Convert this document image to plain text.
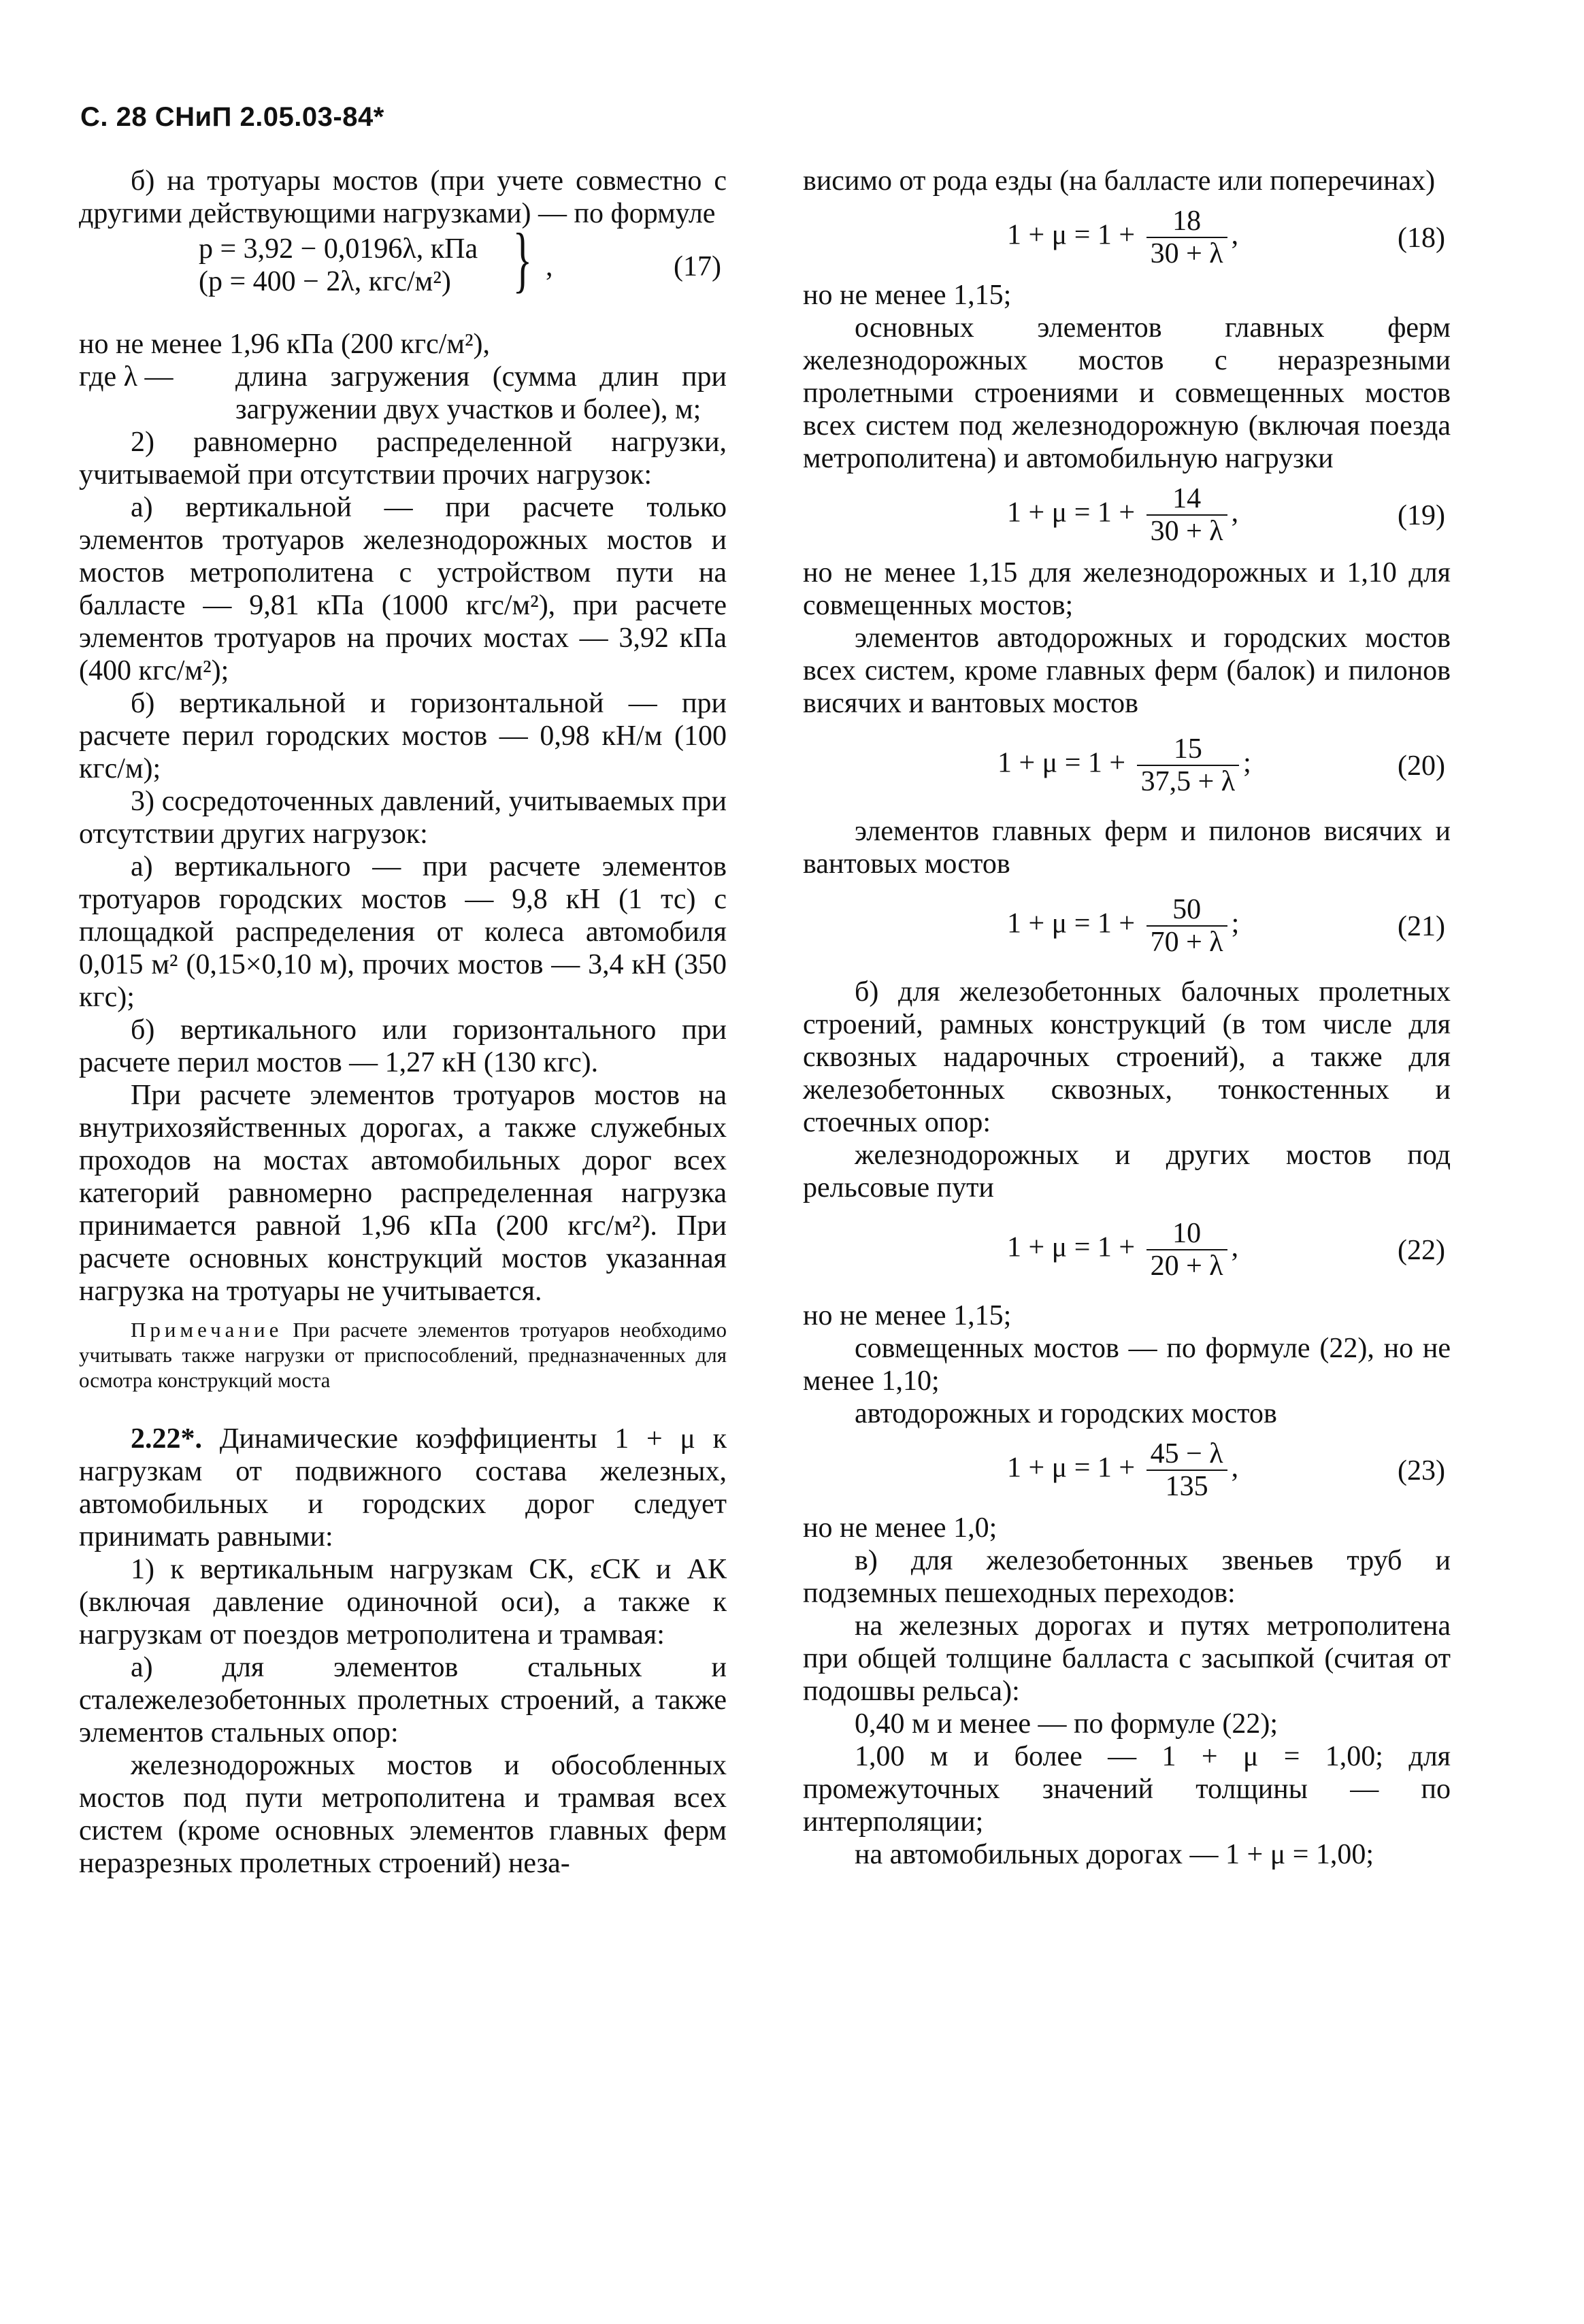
С. 28 СНиП 2.05.03-84*

б) на тротуары мостов (при учете совместно с другими действующими нагрузками) — по формуле

p = 3,92 − 0,0196λ, кПа
(p = 400 − 2λ, кгс/м²) } ,	(17)

но не менее 1,96 кПа (200 кгс/м²),

где λ —	длина загружения (сумма длин при загружении двух участков и более), м;

2) равномерно распределенной нагрузки, учитываемой при отсутствии прочих нагрузок:

а) вертикальной — при расчете только элементов тротуаров железнодорожных мостов и мостов метрополитена с устройством пути на балласте — 9,81 кПа (1000 кгс/м²), при расчете элементов тротуаров на прочих мостах — 3,92 кПа (400 кгс/м²);

б) вертикальной и горизонтальной — при расчете перил городских мостов — 0,98 кН/м (100 кгс/м);

3) сосредоточенных давлений, учитываемых при отсутствии других нагрузок:

а) вертикального — при расчете элементов тротуаров городских мостов — 9,8 кН (1 тс) с площадкой распределения от колеса автомобиля 0,015 м² (0,15×0,10 м), прочих мостов — 3,4 кН (350 кгс);

б) вертикального или горизонтального при расчете перил мостов — 1,27 кН (130 кгс).

При расчете элементов тротуаров мостов на внутрихозяйственных дорогах, а также служебных проходов на мостах автомобильных дорог всех категорий равномерно распределенная нагрузка принимается равной 1,96 кПа (200 кгс/м²). При расчете основных конструкций мостов указанная нагрузка на тротуары не учитывается.

Примечание При расчете элементов тротуаров необходимо учитывать также нагрузки от приспособлений, предназначенных для осмотра конструкций моста

2.22*. Динамические коэффициенты 1 + μ к нагрузкам от подвижного состава железных, автомобильных и городских дорог следует принимать равными:

1) к вертикальным нагрузкам СК, εСК и АК (включая давление одиночной оси), а также к нагрузкам от поездов метрополитена и трамвая:

а) для элементов стальных и сталежелезобетонных пролетных строений, а также элементов стальных опор:

железнодорожных мостов и обособленных мостов под пути метрополитена и трамвая всех систем (кроме основных элементов главных ферм неразрезных пролетных строений) неза-

висимо от рода езды (на балласте или поперечинах)

$1 + \mu = 1 + \frac{18}{30 + \lambda}$ ,	(18)

но не менее 1,15;

основных элементов главных ферм железнодорожных мостов с неразрезными пролетными строениями и совмещенных мостов всех систем под железнодорожную (включая поезда метрополитена) и автомобильную нагрузки

$1 + \mu = 1 + \frac{14}{30 + \lambda}$ ,	(19)

но не менее 1,15 для железнодорожных и 1,10 для совмещенных мостов;

элементов автодорожных и городских мостов всех систем, кроме главных ферм (балок) и пилонов висячих и вантовых мостов

$1 + \mu = 1 + \frac{15}{37,5 + \lambda}$ ;	(20)

элементов главных ферм и пилонов висячих и вантовых мостов

$1 + \mu = 1 + \frac{50}{70 + \lambda}$ ;	(21)

б) для железобетонных балочных пролетных строений, рамных конструкций (в том числе для сквозных надарочных строений), а также для железобетонных сквозных, тонкостенных и стоечных опор:

железнодорожных и других мостов под рельсовые пути

$1 + \mu = 1 + \frac{10}{20 + \lambda}$ ,	(22)

но не менее 1,15;

совмещенных мостов — по формуле (22), но не менее 1,10;

автодорожных и городских мостов

$1 + \mu = 1 + \frac{45 - \lambda}{135}$ ,	(23)

но не менее 1,0;

в) для железобетонных звеньев труб и подземных пешеходных переходов:

на железных дорогах и путях метрополитена при общей толщине балласта с засыпкой (считая от подошвы рельса):

0,40 м и менее — по формуле (22);

1,00 м и более — 1 + μ = 1,00; для промежуточных значений толщины — по интерполяции;

на автомобильных дорогах — 1 + μ = 1,00;
